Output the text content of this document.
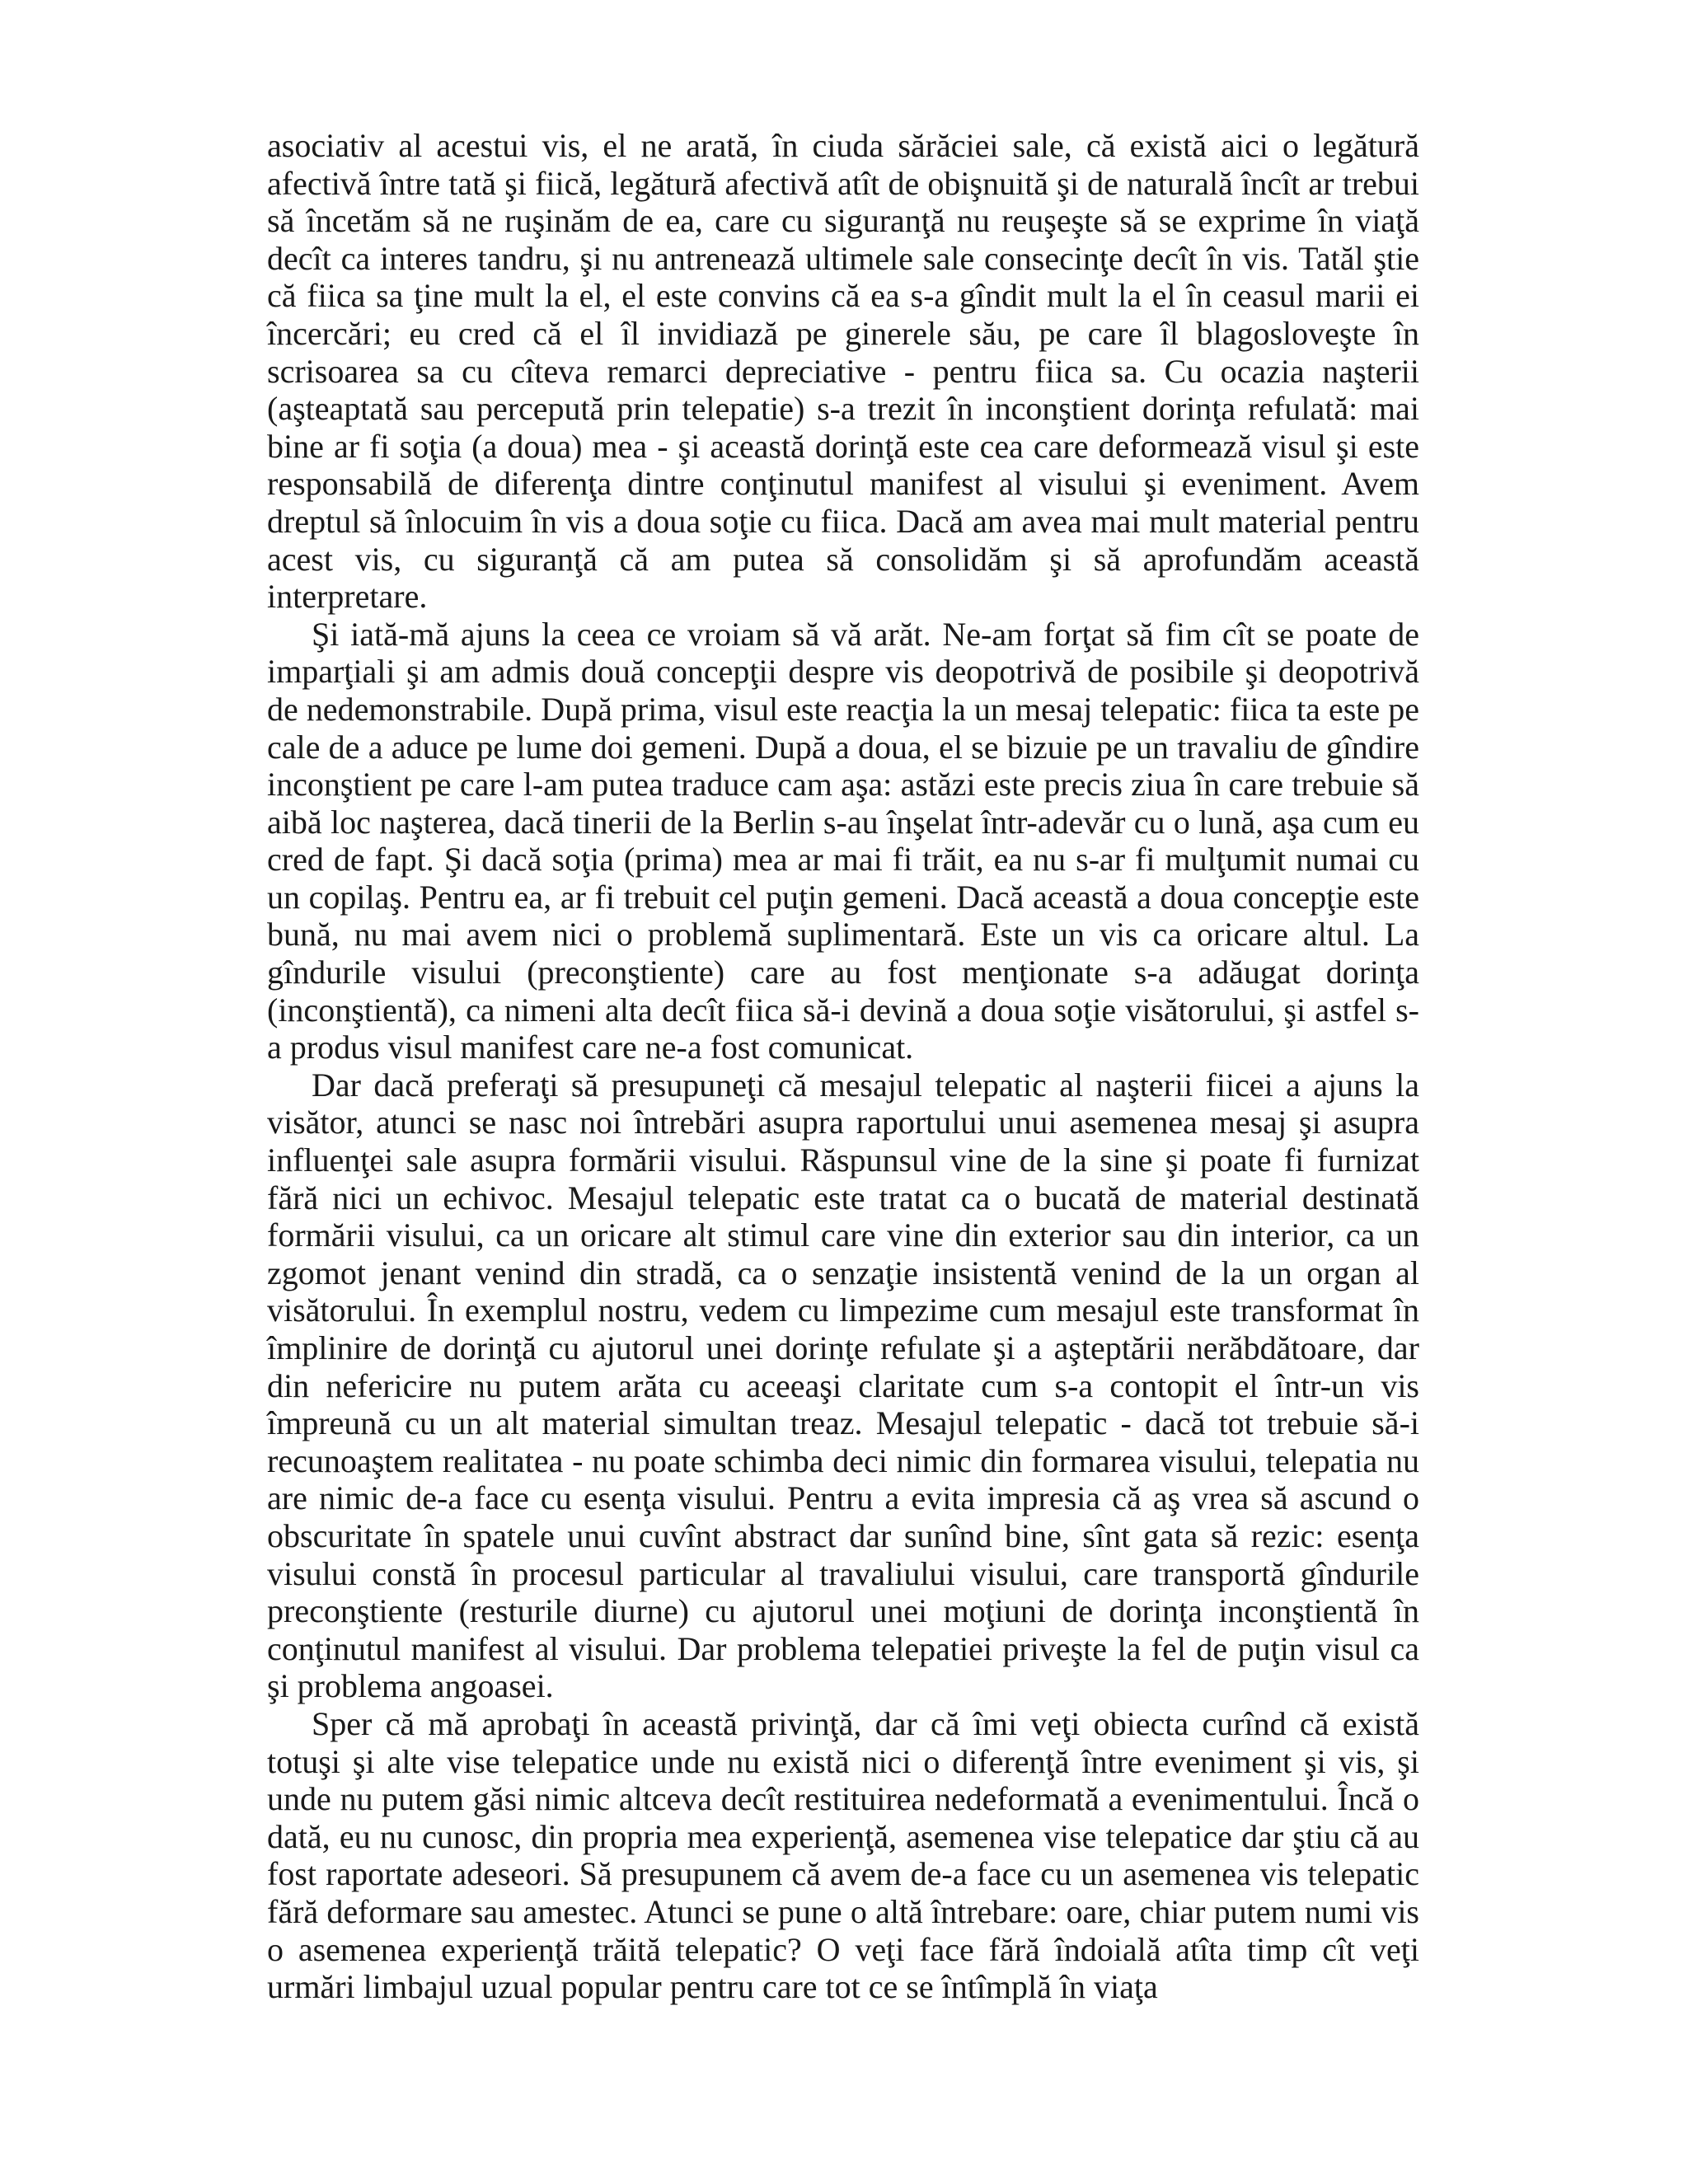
asociativ al acestui vis, el ne arată, în ciuda sărăciei sale, că există aici o legătură afectivă între tată şi fiică, legătură afectivă atît de obişnuită şi de naturală încît ar trebui să încetăm să ne ruşinăm de ea, care cu siguranţă nu reuşeşte să se exprime în viaţă decît ca interes tandru, şi nu antrenează ultimele sale consecinţe decît în vis. Tatăl ştie că fiica sa ţine mult la el, el este convins că ea s-a gîndit mult la el în ceasul marii ei încercări; eu cred că el îl invidiază pe ginerele său, pe care îl blagosloveşte în scrisoarea sa cu cîteva remarci depreciative - pentru fiica sa. Cu ocazia naşterii (aşteaptată sau percepută prin telepatie) s-a trezit în inconştient dorinţa refulată: mai bine ar fi soţia (a doua) mea - şi această dorinţă este cea care deformează visul şi este responsabilă de diferenţa dintre conţinutul manifest al visului şi eveniment. Avem dreptul să înlocuim în vis a doua soţie cu fiica. Dacă am avea mai mult material pentru acest vis, cu siguranţă că am putea să consolidăm şi să aprofundăm această interpretare.

Şi iată-mă ajuns la ceea ce vroiam să vă arăt. Ne-am forţat să fim cît se poate de imparţiali şi am admis două concepţii despre vis deopotrivă de posibile şi deopotrivă de nedemonstrabile. După prima, visul este reacţia la un mesaj telepatic: fiica ta este pe cale de a aduce pe lume doi gemeni. După a doua, el se bizuie pe un travaliu de gîndire inconştient pe care l-am putea traduce cam aşa: astăzi este precis ziua în care trebuie să aibă loc naşterea, dacă tinerii de la Berlin s-au înşelat într-adevăr cu o lună, aşa cum eu cred de fapt. Şi dacă soţia (prima) mea ar mai fi trăit, ea nu s-ar fi mulţumit numai cu un copilaş. Pentru ea, ar fi trebuit cel puţin gemeni. Dacă această a doua concepţie este bună, nu mai avem nici o problemă suplimentară. Este un vis ca oricare altul. La gîndurile visului (preconştiente) care au fost menţionate s-a adăugat dorinţa (inconştientă), ca nimeni alta decît fiica să-i devină a doua soţie visătorului, şi astfel s-a produs visul manifest care ne-a fost comunicat.

Dar dacă preferaţi să presupuneţi că mesajul telepatic al naşterii fiicei a ajuns la visător, atunci se nasc noi întrebări asupra raportului unui asemenea mesaj şi asupra influenţei sale asupra formării visului. Răspunsul vine de la sine şi poate fi furnizat fără nici un echivoc. Mesajul telepatic este tratat ca o bucată de material destinată formării visului, ca un oricare alt stimul care vine din exterior sau din interior, ca un zgomot jenant venind din stradă, ca o senzaţie insistentă venind de la un organ al visătorului. În exemplul nostru, vedem cu limpezime cum mesajul este transformat în împlinire de dorinţă cu ajutorul unei dorinţe refulate şi a aşteptării nerăbdătoare, dar din nefericire nu putem arăta cu aceeaşi claritate cum s-a contopit el într-un vis împreună cu un alt material simultan treaz. Mesajul telepatic - dacă tot trebuie să-i recunoaştem realitatea - nu poate schimba deci nimic din formarea visului, telepatia nu are nimic de-a face cu esenţa visului. Pentru a evita impresia că aş vrea să ascund o obscuritate în spatele unui cuvînt abstract dar sunînd bine, sînt gata să rezic: esenţa visului constă în procesul particular al travaliului visului, care transportă gîndurile preconştiente (resturile diurne) cu ajutorul unei moţiuni de dorinţa inconştientă în conţinutul manifest al visului. Dar problema telepatiei priveşte la fel de puţin visul ca şi problema angoasei.

Sper că mă aprobaţi în această privinţă, dar că îmi veţi obiecta curînd că există totuşi şi alte vise telepatice unde nu există nici o diferenţă între eveniment şi vis, şi unde nu putem găsi nimic altceva decît restituirea nedeformată a evenimentului. Încă o dată, eu nu cunosc, din propria mea experienţă, asemenea vise telepatice dar ştiu că au fost raportate adeseori. Să presupunem că avem de-a face cu un asemenea vis telepatic fără deformare sau amestec. Atunci se pune o altă întrebare: oare, chiar putem numi vis o asemenea experienţă trăită telepatic? O veţi face fără îndoială atîta timp cît veţi urmări limbajul uzual popular pentru care tot ce se întîmplă în viaţa
